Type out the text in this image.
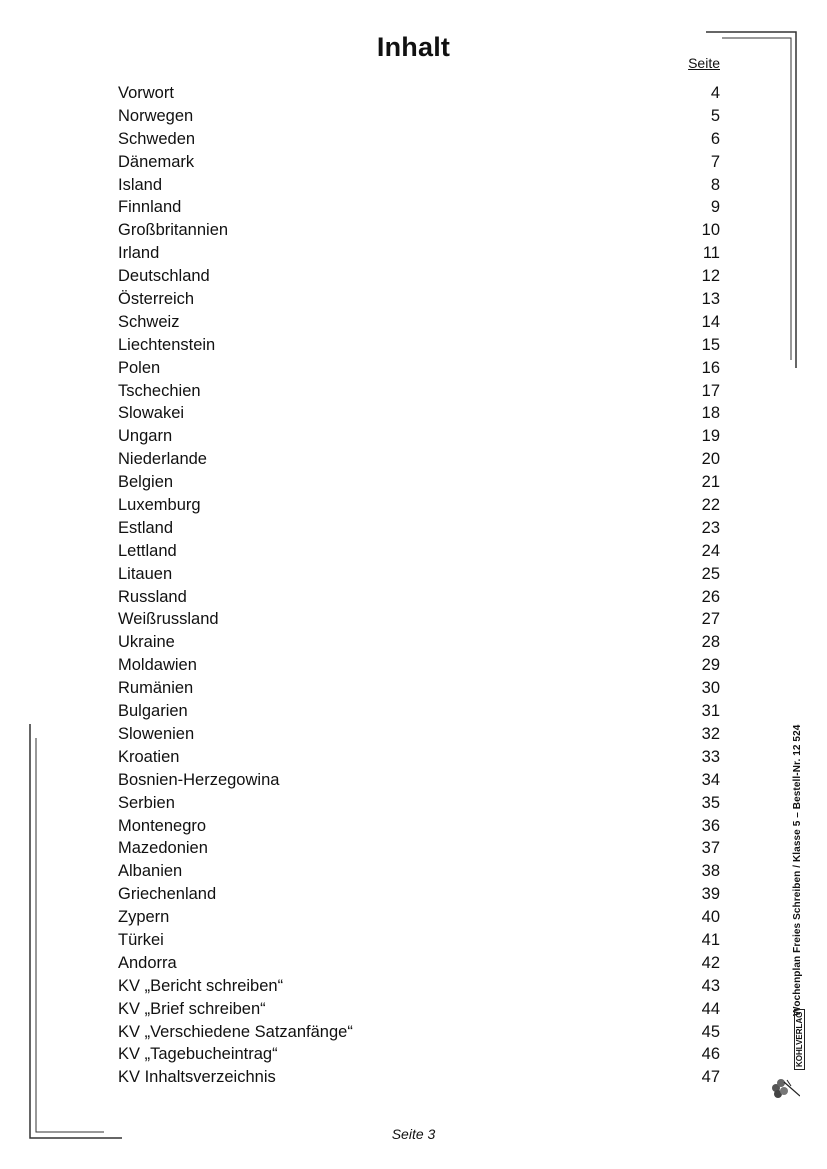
Inhalt
Seite
Vorwort	4
Norwegen	5
Schweden	6
Dänemark	7
Island	8
Finnland	9
Großbritannien	10
Irland	11
Deutschland	12
Österreich	13
Schweiz	14
Liechtenstein	15
Polen	16
Tschechien	17
Slowakei	18
Ungarn	19
Niederlande	20
Belgien	21
Luxemburg	22
Estland	23
Lettland	24
Litauen	25
Russland	26
Weißrussland	27
Ukraine	28
Moldawien	29
Rumänien	30
Bulgarien	31
Slowenien	32
Kroatien	33
Bosnien-Herzegowina	34
Serbien	35
Montenegro	36
Mazedonien	37
Albanien	38
Griechenland	39
Zypern	40
Türkei	41
Andorra	42
KV „Bericht schreiben“	43
KV „Brief schreiben“	44
KV „Verschiedene Satzanfänge“	45
KV „Tagebucheintrag“	46
KV Inhaltsverzeichnis	47
Wochenplan Freies Schreiben / Klasse 5 – Bestell-Nr. 12 524
KOHLVERLAG
Seite 3
